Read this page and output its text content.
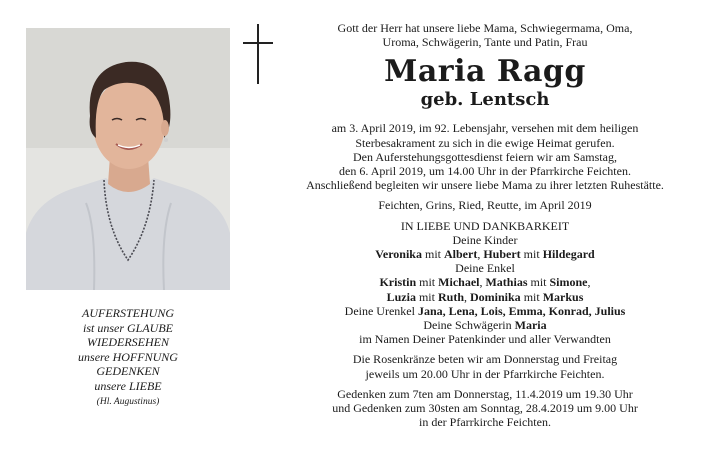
AUFERSTEHUNG
ist unser GLAUBE
WIEDERSEHEN
unsere HOFFNUNG
GEDENKEN
unsere LIEBE
(Hl. Augustinus)
Gott der Herr hat unsere liebe Mama, Schwiegermama, Oma,
Uroma, Schwägerin, Tante und Patin, Frau
Maria Ragg
geb. Lentsch
am 3. April 2019, im 92. Lebensjahr, versehen mit dem heiligen
Sterbesakrament zu sich in die ewige Heimat gerufen.
Den Auferstehungsgottesdienst feiern wir am Samstag,
den 6. April 2019, um 14.00 Uhr in der Pfarrkirche Feichten.
Anschließend begleiten wir unsere liebe Mama zu ihrer letzten Ruhestätte.
Feichten, Grins, Ried, Reutte, im April 2019
IN LIEBE UND DANKBARKEIT
Deine Kinder
Veronika mit Albert, Hubert mit Hildegard
Deine Enkel
Kristin mit Michael, Mathias mit Simone,
Luzia mit Ruth, Dominika mit Markus
Deine Urenkel Jana, Lena, Lois, Emma, Konrad, Julius
Deine Schwägerin Maria
im Namen Deiner Patenkinder und aller Verwandten
Die Rosenkränze beten wir am Donnerstag und Freitag
jeweils um 20.00 Uhr in der Pfarrkirche Feichten.
Gedenken zum 7ten am Donnerstag, 11.4.2019 um 19.30 Uhr
und Gedenken zum 30sten am Sonntag, 28.4.2019 um 9.00 Uhr
in der Pfarrkirche Feichten.
